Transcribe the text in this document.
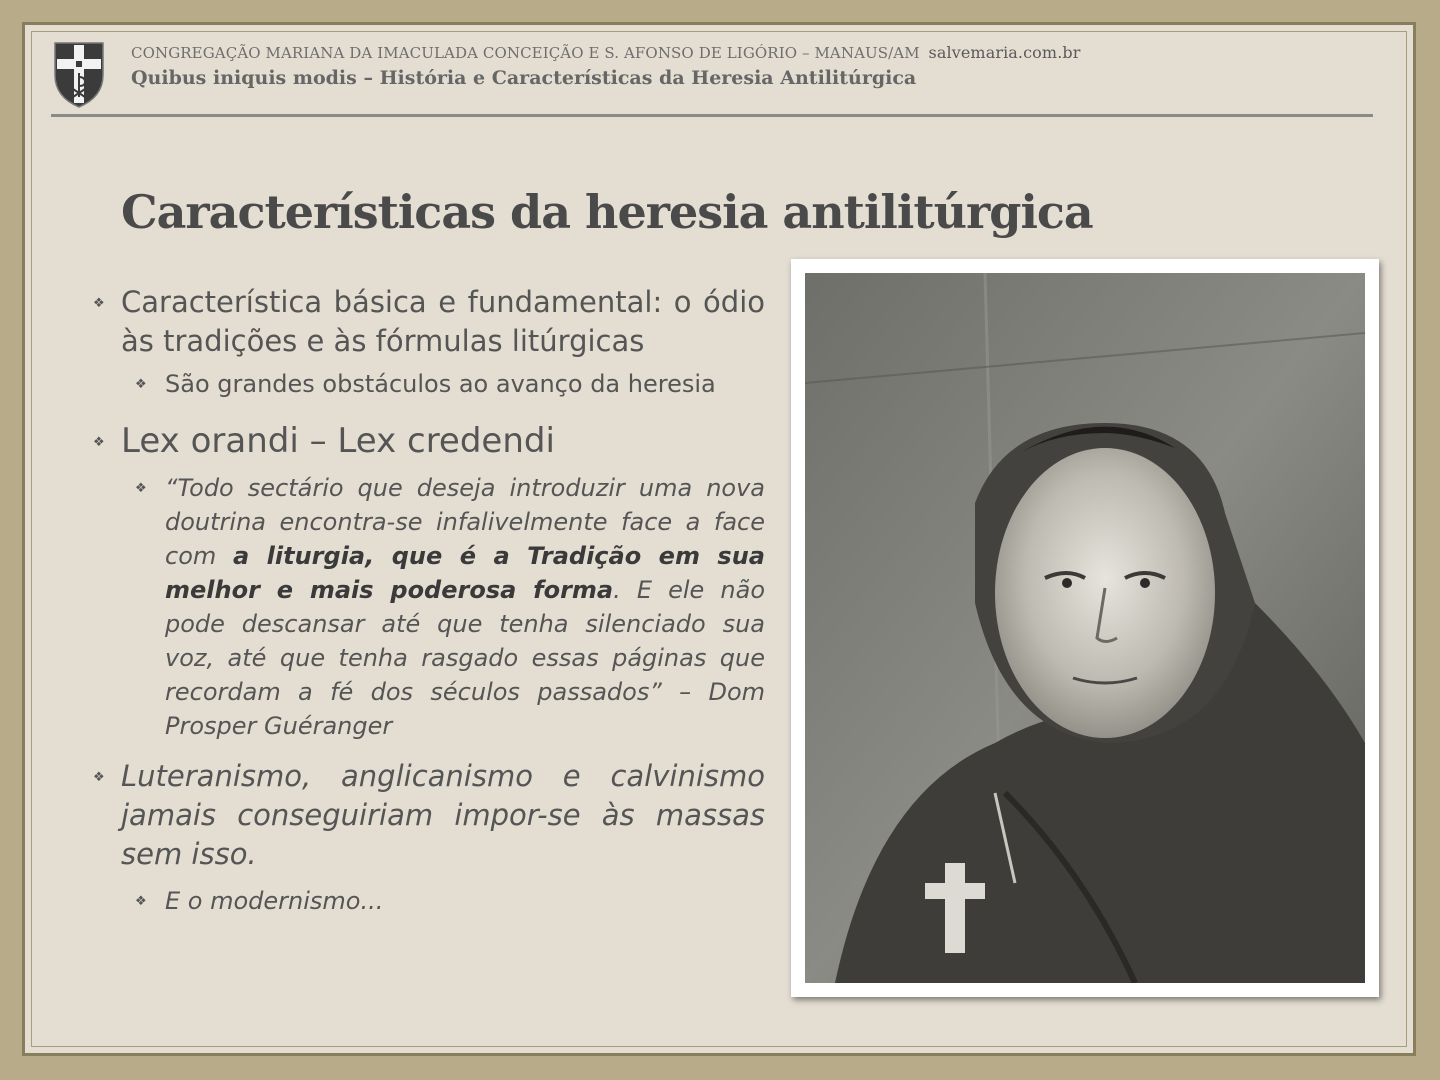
CONGREGAÇÃO MARIANA DA IMACULADA CONCEIÇÃO E S. AFONSO DE LIGÓRIO – MANAUS/AM salvemaria.com.br
Quibus iniquis modis – História e Características da Heresia Antilitúrgica
Características da heresia antilitúrgica
❖ Característica básica e fundamental: o ódio às tradições e às fórmulas litúrgicas
❖ São grandes obstáculos ao avanço da heresia
❖ Lex orandi – Lex credendi
❖ “Todo sectário que deseja introduzir uma nova doutrina encontra-se infalivelmente face a face com a liturgia, que é a Tradição em sua melhor e mais poderosa forma. E ele não pode descansar até que tenha silenciado sua voz, até que tenha rasgado essas páginas que recordam a fé dos séculos passados” – Dom Prosper Guéranger
❖ Luteranismo, anglicanismo e calvinismo jamais conseguiriam impor-se às massas sem isso.
❖ E o modernismo...
